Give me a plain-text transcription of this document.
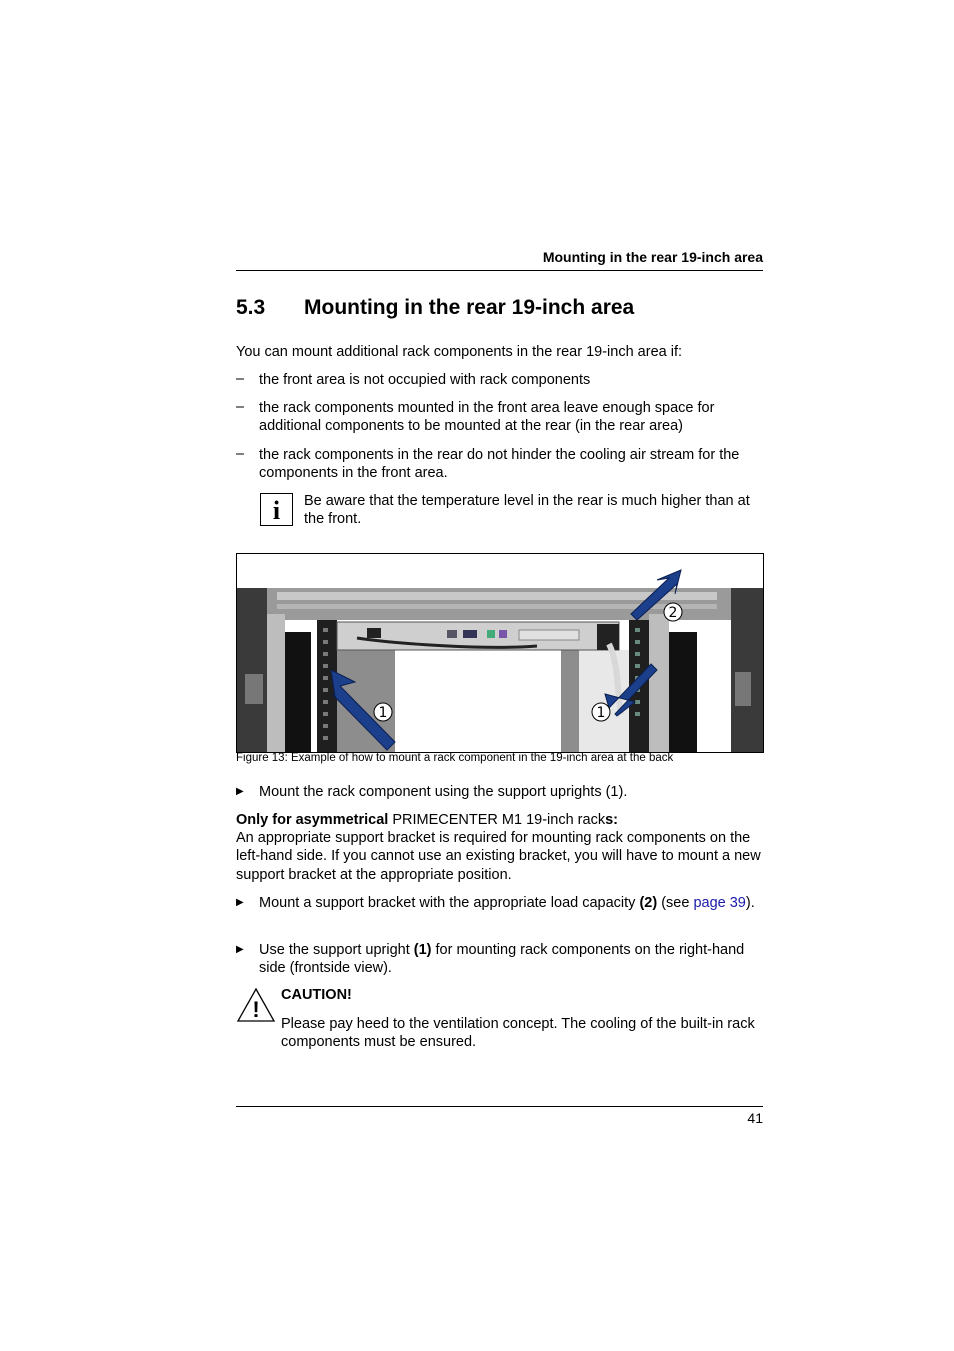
Mounting in the rear 19-inch area
5.3 Mounting in the rear 19-inch area
You can mount additional rack components in the rear 19-inch area if:
– the front area is not occupied with rack components
– the rack components mounted in the front area leave enough space for additional components to be mounted at the rear (in the rear area)
– the rack components in the rear do not hinder the cooling air stream for the components in the front area.
i	Be aware that the temperature level in the rear is much higher than at the front.
1	1
2
Figure 13: Example of how to mount a rack component in the 19-inch area at the back
▶ Mount the rack component using the support uprights (1).
Only for asymmetrical PRIMECENTER M1 19-inch racks:
An appropriate support bracket is required for mounting rack components on the left-hand side. If you cannot use an existing bracket, you will have to mount a new support bracket at the appropriate position.
▶ Mount a support bracket with the appropriate load capacity (2) (see page 39).
▶ Use the support upright (1) for mounting rack components on the right-hand side (frontside view).
!
CAUTION!
Please pay heed to the ventilation concept. The cooling of the built-in rack components must be ensured.
41
